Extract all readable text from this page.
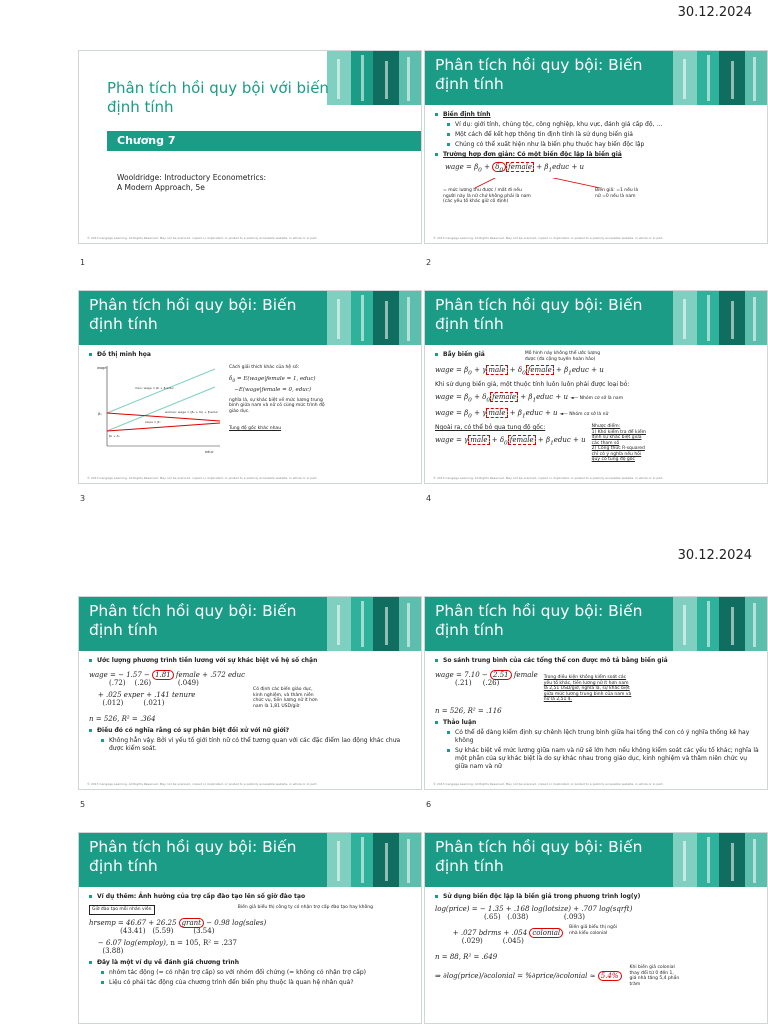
30.12.2024
30.12.2024
Phân tích hồi quy bội với biến định tính
Chương 7
Wooldridge: Introductory Econometrics:
A Modern Approach, 5e
© 2013 Cengage Learning. All Rights Reserved. May not be scanned, copied or duplicated, or posted to a publicly accessible website, in whole or in part.
1
Phân tích hồi quy bội: Biến định tính
Biến định tính
Ví dụ: giới tính, chủng tộc, công nghiệp, khu vực, đánh giá cấp độ, …
Một cách để kết hợp thông tin định tính là sử dụng biến giả
Chúng có thể xuất hiện như là biến phụ thuộc hay biến độc lập
Trường hợp đơn giản: Có một biến độc lập là biến giả
wage = $\beta_0 + \delta_0$ female + $\beta_1educ + u$
= mức lương thu được / mất đi nếu người này là nữ chứ không phải là nam (các yếu tố khác giữ cố định)
Biến giả: =1 nếu là nữ =0 nếu là nam
© 2013 Cengage Learning. All Rights Reserved. May not be scanned, copied or duplicated, or posted to a publicly accessible website, in whole or in part.
2
Phân tích hồi quy bội: Biến định tính
Đồ thị minh họa
wage
educ
men: wage = β₀ + β₁educ
women: wage = (β₀ + δ₀) + β₁educ
slope = β₁
β₀
β₀ + δ₀
Cách giải thích khác của hệ số:
$\delta_0$ = E(wage|female = 1, educ)
−E(wage|female = 0, educ)
nghĩa là, sự khác biệt về mức lương trung bình giữa nam và nữ có cùng mức trình độ giáo dục.
Tung độ gốc khác nhau
© 2013 Cengage Learning. All Rights Reserved. May not be scanned, copied or duplicated, or posted to a publicly accessible website, in whole or in part.
3
Phân tích hồi quy bội: Biến định tính
Bẫy biến giả	Mô hình này không thể ước lượng được (đa cộng tuyến hoàn hảo)
wage = $\beta_0 + \gamma$ male + $\delta_0$ female + $\beta_1educ + u$
Khi sử dụng biến giả, một thuộc tính luôn luôn phải được loại bỏ:
wage = $\beta_0 + \delta_0$ female + $\beta_1educ + u$ ◄— Nhóm cơ sở là nam
wage = $\beta_0 + \gamma$ male + $\beta_1educ + u$ ◄— Nhóm cơ sở là nữ
Ngoài ra, có thể bỏ qua tung độ gốc:
wage = γ male + $\delta_0$ female + $\beta_1educ + u$
Nhược điểm:
1) Khó kiểm tra để kiểm định sự khác biệt giữa các tham số
2) Công thức R-squared chỉ có ý nghĩa nếu hồi quy có tung độ gốc
© 2013 Cengage Learning. All Rights Reserved. May not be scanned, copied or duplicated, or posted to a publicly accessible website, in whole or in part.
4
Phân tích hồi quy bội: Biến định tính
Ước lượng phương trình tiền lương với sự khác biệt về hệ số chặn
wage = − 1.57 − 1.81 female + .572 educ
(.72)    (.26)            (.049)
+ .025 exper + .141 tenure
(.012)         (.021)
Có định các biến giáo dục, kinh nghiệm, và thâm niên chức vụ, tiền lương nữ ít hơn nam là 1,81 USD/giờ
n = 526, R² = .364
Điều đó có nghĩa rằng có sự phân biệt đối xử với nữ giới?
Không hẳn vậy. Bởi vì yếu tố giới tính nữ có thể tương quan với các đặc điểm lao động khác chưa được kiểm soát.
© 2013 Cengage Learning. All Rights Reserved. May not be scanned, copied or duplicated, or posted to a publicly accessible website, in whole or in part.
5
Phân tích hồi quy bội: Biến định tính
So sánh trung bình của các tổng thể con được mô tả bằng biến giả
wage = 7.10 − 2.51 female
(.21)     (.26)
Trong điều kiện không kiểm soát các yếu tố khác, tiền lương nữ ít hơn nam là 2,51 USD/giờ, nghĩa là, sự khác biệt giữa mức lương trung bình của nam và nữ là 2,51 $.
n = 526, R² = .116
Thảo luận
Có thể dễ dàng kiểm định sự chênh lệch trung bình giữa hai tổng thể con có ý nghĩa thống kê hay không
Sự khác biệt về mức lương giữa nam và nữ sẽ lớn hơn nếu không kiểm soát các yếu tố khác; nghĩa là một phần của sự khác biệt là do sự khác nhau trong giáo dục, kinh nghiệm và thâm niên chức vụ giữa nam và nữ
© 2013 Cengage Learning. All Rights Reserved. May not be scanned, copied or duplicated, or posted to a publicly accessible website, in whole or in part.
6
Phân tích hồi quy bội: Biến định tính
Ví dụ thêm: Ảnh hưởng của trợ cấp đào tạo lên số giờ đào tạo
Giờ đào tạo mỗi nhân viên	Biến giả biểu thị công ty có nhận trợ cấp đào tạo hay không
hrsemp = 46.67 + 26.25 grant − 0.98 log(sales)
(43.41)   (5.59)         (3.54)
− 6.07 log(employ), n = 105, R² = .237
(3.88)
Đây là một ví dụ về đánh giá chương trình
nhóm tác động (= có nhận trợ cấp) so với nhóm đối chứng (= không có nhận trợ cấp)
Liệu có phải tác động của chương trình đến biến phụ thuộc là quan hệ nhân quả?
Phân tích hồi quy bội: Biến định tính
Sử dụng biến độc lập là biến giả trong phương trình log(y)
log(price) = − 1.35 + .168 log(lotsize) + .707 log(sqrft)
(.65)   (.038)                (.093)
+ .027 bdrms + .054 colonial
(.029)         (.045)
Biến giả biểu thị ngôi nhà kiểu colonial
n = 88, R² = .649
⇒ ∂log(price)/∂colonial = %∂price/∂colonial ≈ 5.4%
Khi biến giả colonial thay đổi từ 0 đến 1, giá nhà tăng 5,4 phần trăm
